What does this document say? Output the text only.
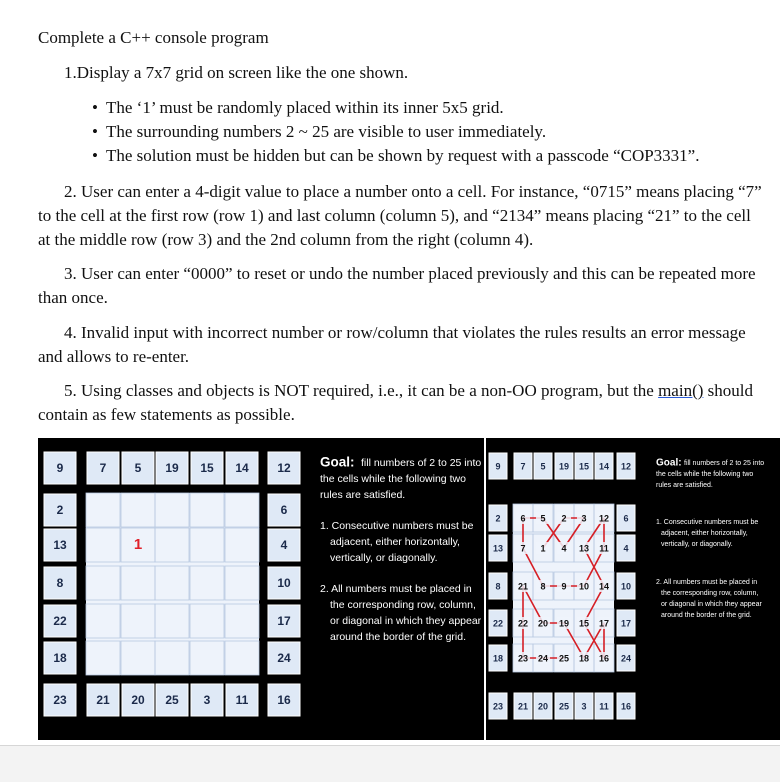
Complete a C++ console program
1.Display a 7x7 grid on screen like the one shown.
• The ‘1’ must be randomly placed within its inner 5x5 grid.
• The surrounding numbers 2 ~ 25 are visible to user immediately.
• The solution must be hidden but can be shown by request with a passcode “COP3331”.
2. User can enter a 4-digit value to place a number onto a cell. For instance, “0715” means placing “7” to the cell at the first row (row 1) and last column (column 5), and “2134” means placing “21” to the cell at the middle row (row 3) and the 2nd column from the right (column 4).
3. User can enter “0000” to reset or undo the number placed previously and this can be repeated more than once.
4. Invalid input with incorrect number or row/column that violates the rules results an error message and allows to re-enter.
5. Using classes and objects is NOT required, i.e., it can be a non-OO program, but the main() should contain as few statements as possible.
9	7 5 19 15 14 12
23 21 20 25 3 11 16
2
13
8
22
18
6
4
10
17
24
1
Goal: fill numbers of 2 to 25 into
the cells while the following two
rules are satisfied.
1. Consecutive numbers must be
adjacent, either horizontally,
vertically, or diagonally.
2. All numbers must be placed in
the corresponding row, column,
or diagonal in which they appear
around the border of the grid.
9 7 5 19 15 14 12
23 21 20 25 3 11 16
2
13
8
22
18
6
4
10
17
24
6 5 2 3 12
7 1 4 13 11
21 8 9 10 14
22 20 19 15 17
23 24 25 18 16
Goal: fill numbers of 2 to 25 into
the cells while the following two
rules are satisfied.
1. Consecutive numbers must be
adjacent, either horizontally,
vertically, or diagonally.
2. All numbers must be placed in
the corresponding row, column,
or diagonal in which they appear
around the border of the grid.
